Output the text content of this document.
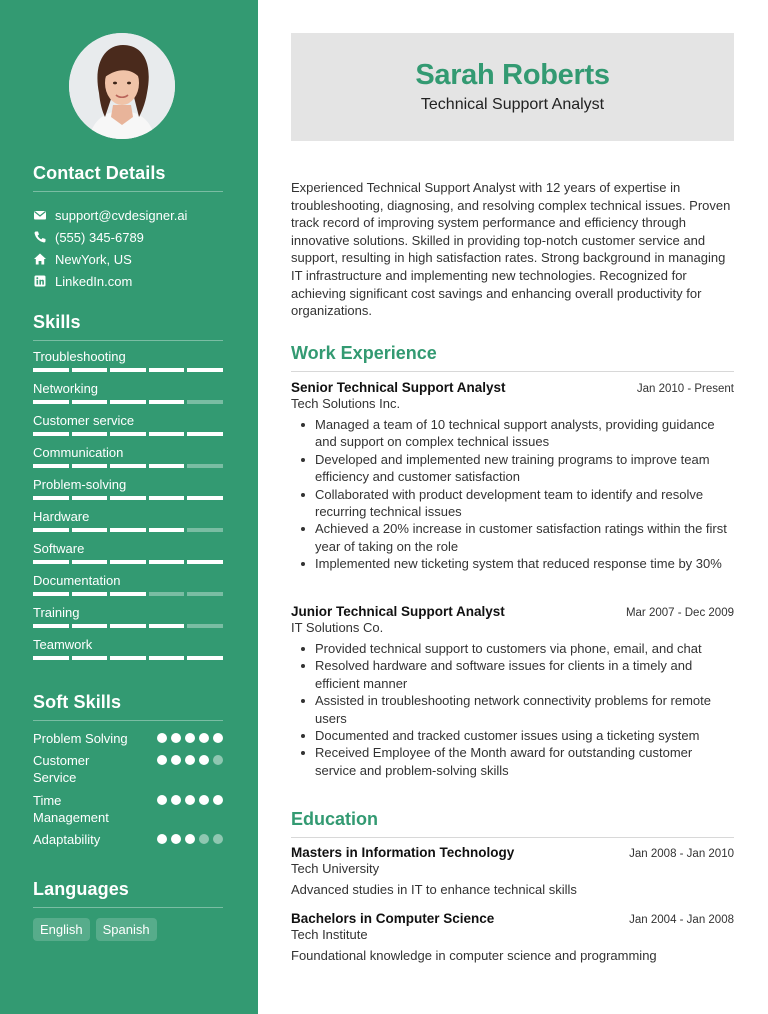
Contact Details
support@cvdesigner.ai
(555) 345-6789
NewYork, US
LinkedIn.com
Skills
Troubleshooting
Networking
Customer service
Communication
Problem-solving
Hardware
Software
Documentation
Training
Teamwork
Soft Skills
Problem Solving
Customer Service
Time Management
Adaptability
Languages
English	Spanish
Sarah Roberts
Technical Support Analyst

Experienced Technical Support Analyst with 12 years of expertise in troubleshooting, diagnosing, and resolving complex technical issues. Proven track record of improving system performance and efficiency through innovative solutions. Skilled in providing top-notch customer service and support, resulting in high satisfaction rates. Strong background in managing IT infrastructure and implementing new technologies. Recognized for achieving significant cost savings and enhancing overall productivity for organizations.

Work Experience
Senior Technical Support Analyst	Jan 2010 - Present
Tech Solutions Inc.
Managed a team of 10 technical support analysts, providing guidance and support on complex technical issues
Developed and implemented new training programs to improve team efficiency and customer satisfaction
Collaborated with product development team to identify and resolve recurring technical issues
Achieved a 20% increase in customer satisfaction ratings within the first year of taking on the role
Implemented new ticketing system that reduced response time by 30%
Junior Technical Support Analyst	Mar 2007 - Dec 2009
IT Solutions Co.
Provided technical support to customers via phone, email, and chat
Resolved hardware and software issues for clients in a timely and efficient manner
Assisted in troubleshooting network connectivity problems for remote users
Documented and tracked customer issues using a ticketing system
Received Employee of the Month award for outstanding customer service and problem-solving skills
Education
Masters in Information Technology	Jan 2008 - Jan 2010
Tech University
Advanced studies in IT to enhance technical skills
Bachelors in Computer Science	Jan 2004 - Jan 2008
Tech Institute
Foundational knowledge in computer science and programming
